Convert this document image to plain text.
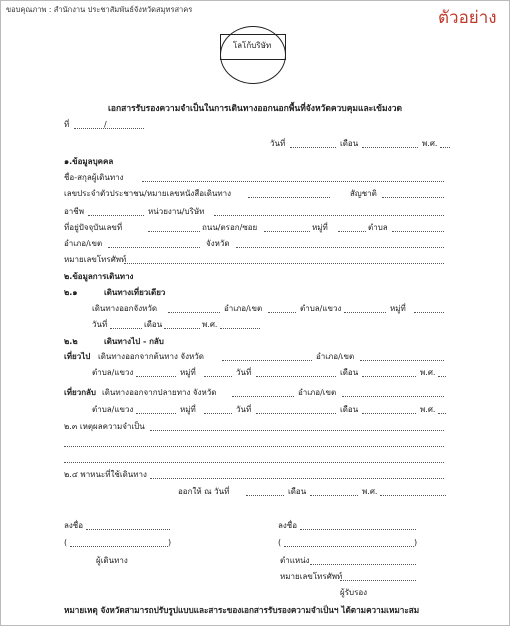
ขอบคุณภาพ : สำนักงาน ประชาสัมพันธ์จังหวัดสมุทรสาคร	ตัวอย่าง
โลโก้บริษัท
เอกสารรับรองความจำเป็นในการเดินทางออกนอกพื้นที่จังหวัดควบคุมและเข้มงวด
ที่	/
วันที่	เดือน	พ.ศ.
๑.ข้อมูลบุคคล
ชื่อ-สกุลผู้เดินทาง
เลขประจำตัวประชาชน/หมายเลขหนังสือเดินทาง	สัญชาติ
อาชีพ	หน่วยงาน/บริษัท
ที่อยู่ปัจจุบันเลขที่	ถนน/ตรอก/ซอย	หมู่ที่	ตำบล
อำเภอ/เขต	จังหวัด
หมายเลขโทรศัพท์
๒.ข้อมูลการเดินทาง
๒.๑	เดินทางเที่ยวเดียว
เดินทางออกจังหวัด	อำเภอ/เขต	ตำบล/แขวง	หมู่ที่
วันที่	เดือน	พ.ศ.
๒.๒	เดินทางไป - กลับ
เที่ยวไป เดินทางออกจากต้นทาง จังหวัด	อำเภอ/เขต
ตำบล/แขวง	หมู่ที่	วันที่	เดือน	พ.ศ.
เที่ยวกลับ เดินทางออกจากปลายทาง จังหวัด	อำเภอ/เขต
ตำบล/แขวง	หมู่ที่	วันที่	เดือน	พ.ศ.
๒.๓ เหตุผลความจำเป็น
๒.๔ พาหนะที่ใช้เดินทาง
ออกให้ ณ วันที่	เดือน	พ.ศ.
ลงชื่อ
(	)
ผู้เดินทาง
ลงชื่อ
(	)
ตำแหน่ง
หมายเลขโทรศัพท์
ผู้รับรอง
หมายเหตุ จังหวัดสามารถปรับรูปแบบและสาระของเอกสารรับรองความจำเป็นฯ ได้ตามความเหมาะสม
